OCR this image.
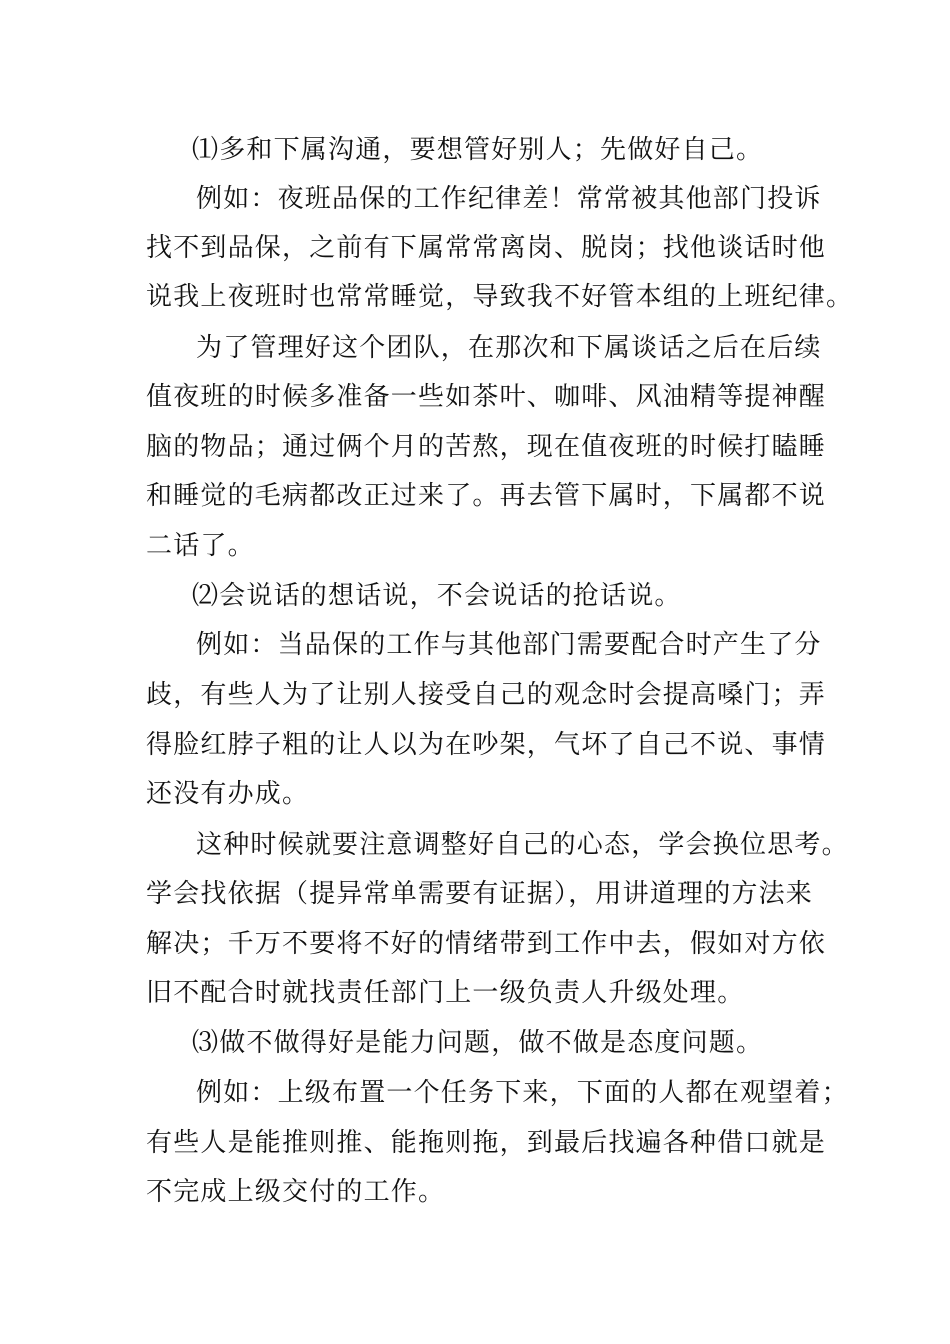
⑴多和下属沟通，要想管好别人；先做好自己。
例如：夜班品保的工作纪律差！常常被其他部门投诉
找不到品保，之前有下属常常离岗、脱岗；找他谈话时他
说我上夜班时也常常睡觉，导致我不好管本组的上班纪律。
为了管理好这个团队，在那次和下属谈话之后在后续
值夜班的时候多准备一些如茶叶、咖啡、风油精等提神醒
脑的物品；通过俩个月的苦熬，现在值夜班的时候打瞌睡
和睡觉的毛病都改正过来了。再去管下属时，下属都不说
二话了。
⑵会说话的想话说，不会说话的抢话说。
例如：当品保的工作与其他部门需要配合时产生了分
歧，有些人为了让别人接受自己的观念时会提高嗓门；弄
得脸红脖子粗的让人以为在吵架，气坏了自己不说、事情
还没有办成。
这种时候就要注意调整好自己的心态，学会换位思考。
学会找依据（提异常单需要有证据），用讲道理的方法来
解决；千万不要将不好的情绪带到工作中去，假如对方依
旧不配合时就找责任部门上一级负责人升级处理。
⑶做不做得好是能力问题，做不做是态度问题。
例如：上级布置一个任务下来，下面的人都在观望着；
有些人是能推则推、能拖则拖，到最后找遍各种借口就是
不完成上级交付的工作。
